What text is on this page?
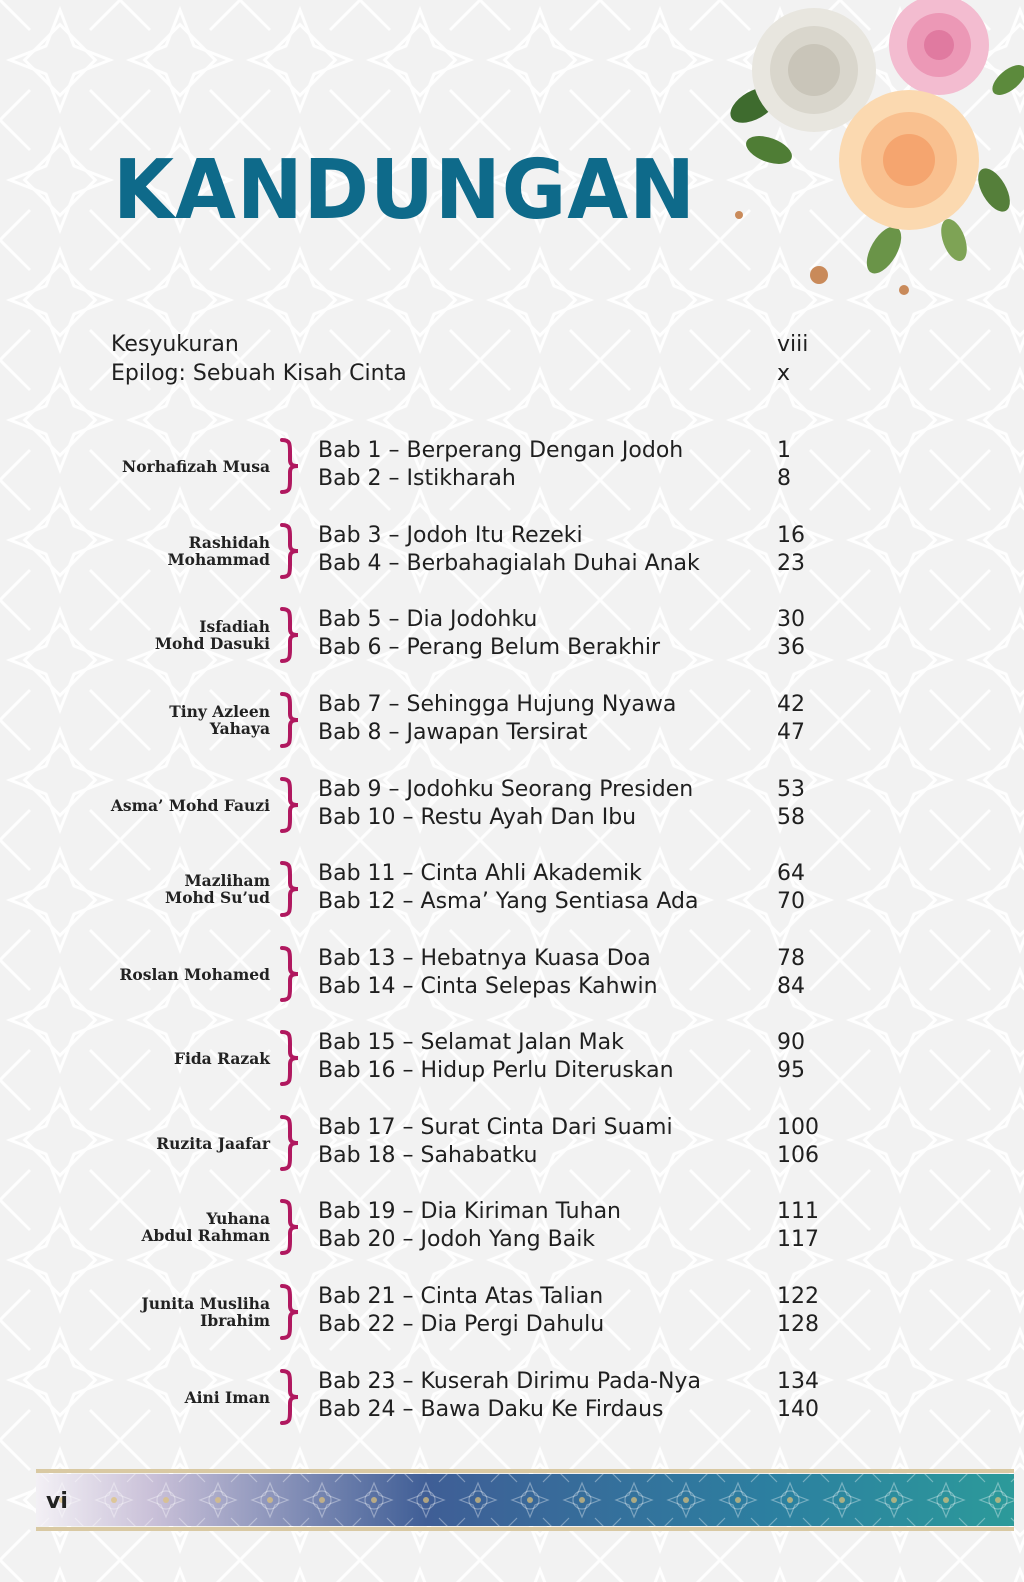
KANDUNGAN
Kesyukuran	viii
Epilog: Sebuah Kisah Cinta	x
Norhafizah Musa
Bab 1 – Berperang Dengan Jodoh	1
Bab 2 – Istikharah	8
Rashidah
Mohammad
Bab 3 – Jodoh Itu Rezeki	16
Bab 4 – Berbahagialah Duhai Anak	23
Isfadiah
Mohd Dasuki
Bab 5 – Dia Jodohku	30
Bab 6 – Perang Belum Berakhir	36
Tiny Azleen
Yahaya
Bab 7 – Sehingga Hujung Nyawa	42
Bab 8 – Jawapan Tersirat	47
Asma’ Mohd Fauzi
Bab 9 – Jodohku Seorang Presiden	53
Bab 10 – Restu Ayah Dan Ibu	58
Mazliham
Mohd Su’ud
Bab 11 – Cinta Ahli Akademik	64
Bab 12 – Asma’ Yang Sentiasa Ada	70
Roslan Mohamed
Bab 13 – Hebatnya Kuasa Doa	78
Bab 14 – Cinta Selepas Kahwin	84
Fida Razak
Bab 15 – Selamat Jalan Mak	90
Bab 16 – Hidup Perlu Diteruskan	95
Ruzita Jaafar
Bab 17 – Surat Cinta Dari Suami	100
Bab 18 – Sahabatku	106
Yuhana
Abdul Rahman
Bab 19 – Dia Kiriman Tuhan	111
Bab 20 – Jodoh Yang Baik	117
Junita Musliha
Ibrahim
Bab 21 – Cinta Atas Talian	122
Bab 22 – Dia Pergi Dahulu	128
Aini Iman
Bab 23 – Kuserah Dirimu Pada-Nya	134
Bab 24 – Bawa Daku Ke Firdaus	140
vi
